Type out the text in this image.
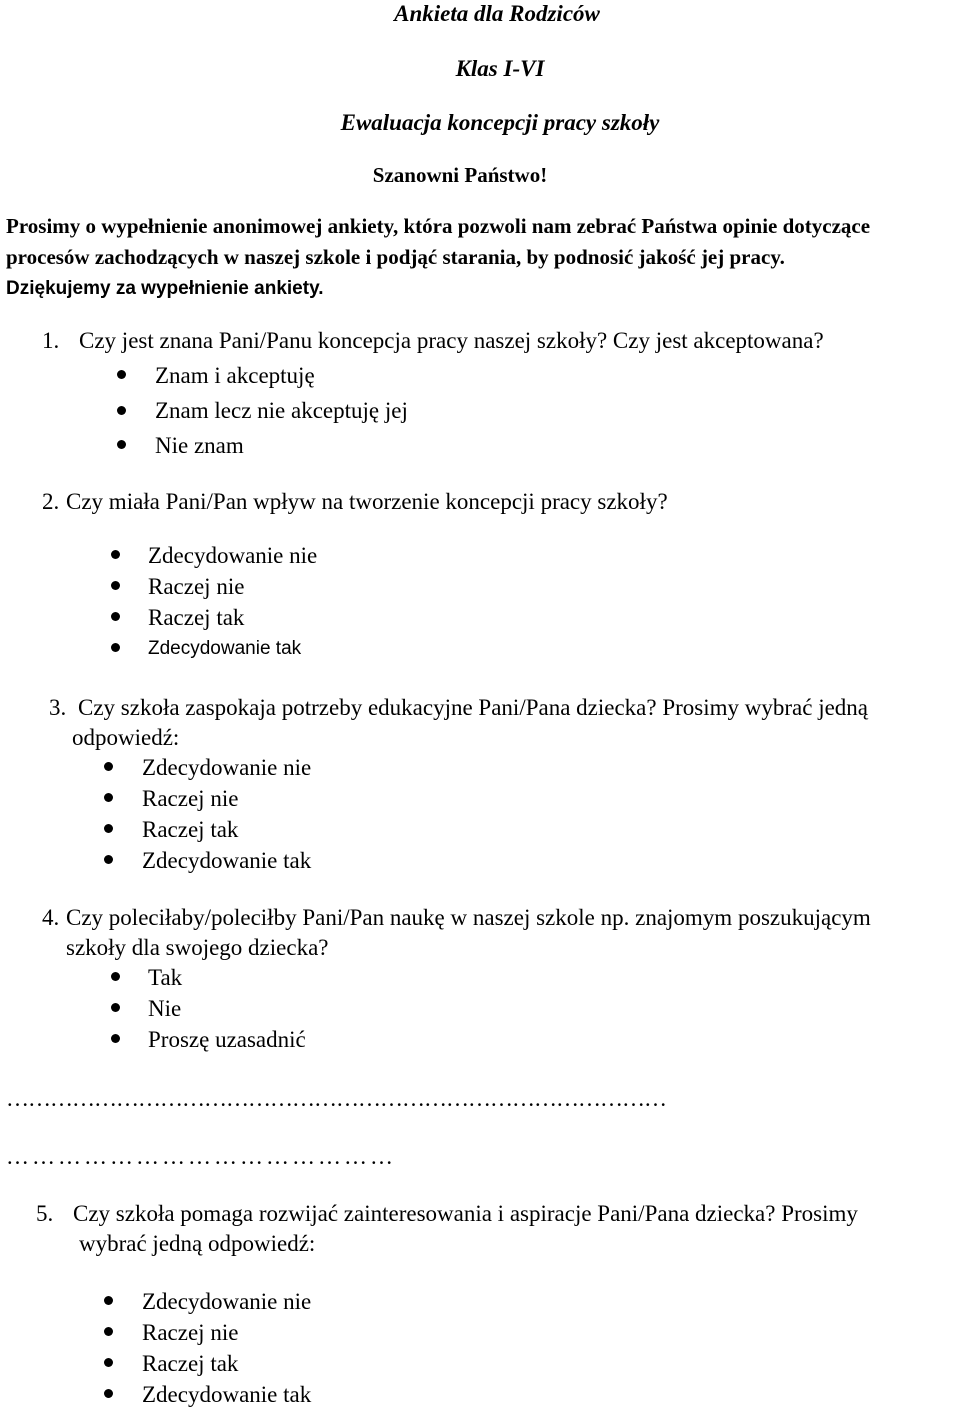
Ankieta dla Rodziców
Klas I-VI
Ewaluacja koncepcji pracy szkoły
Szanowni Państwo!
Prosimy o wypełnienie anonimowej ankiety, która pozwoli nam zebrać Państwa opinie dotyczące
procesów zachodzących w naszej szkole i podjąć starania, by podnosić jakość jej pracy.
Dziękujemy za wypełnienie ankiety.
1. Czy jest znana Pani/Panu koncepcja pracy naszej szkoły? Czy jest akceptowana?
Znam i akceptuję
Znam lecz nie akceptuję jej
Nie znam
2. Czy miała Pani/Pan wpływ na tworzenie koncepcji pracy szkoły?
Zdecydowanie nie
Raczej nie
Raczej tak
Zdecydowanie tak
3. Czy szkoła zaspokaja potrzeby edukacyjne Pani/Pana dziecka? Prosimy wybrać jedną
odpowiedź:
Zdecydowanie nie
Raczej nie
Raczej tak
Zdecydowanie tak
4. Czy poleciłaby/poleciłby Pani/Pan naukę w naszej szkole np. znajomym poszukującym
szkoły dla swojego dziecka?
Tak
Nie
Proszę uzasadnić
………………………………………………………………………………
………………………………………
5. Czy szkoła pomaga rozwijać zainteresowania i aspiracje Pani/Pana dziecka? Prosimy
wybrać jedną odpowiedź:
Zdecydowanie nie
Raczej nie
Raczej tak
Zdecydowanie tak
